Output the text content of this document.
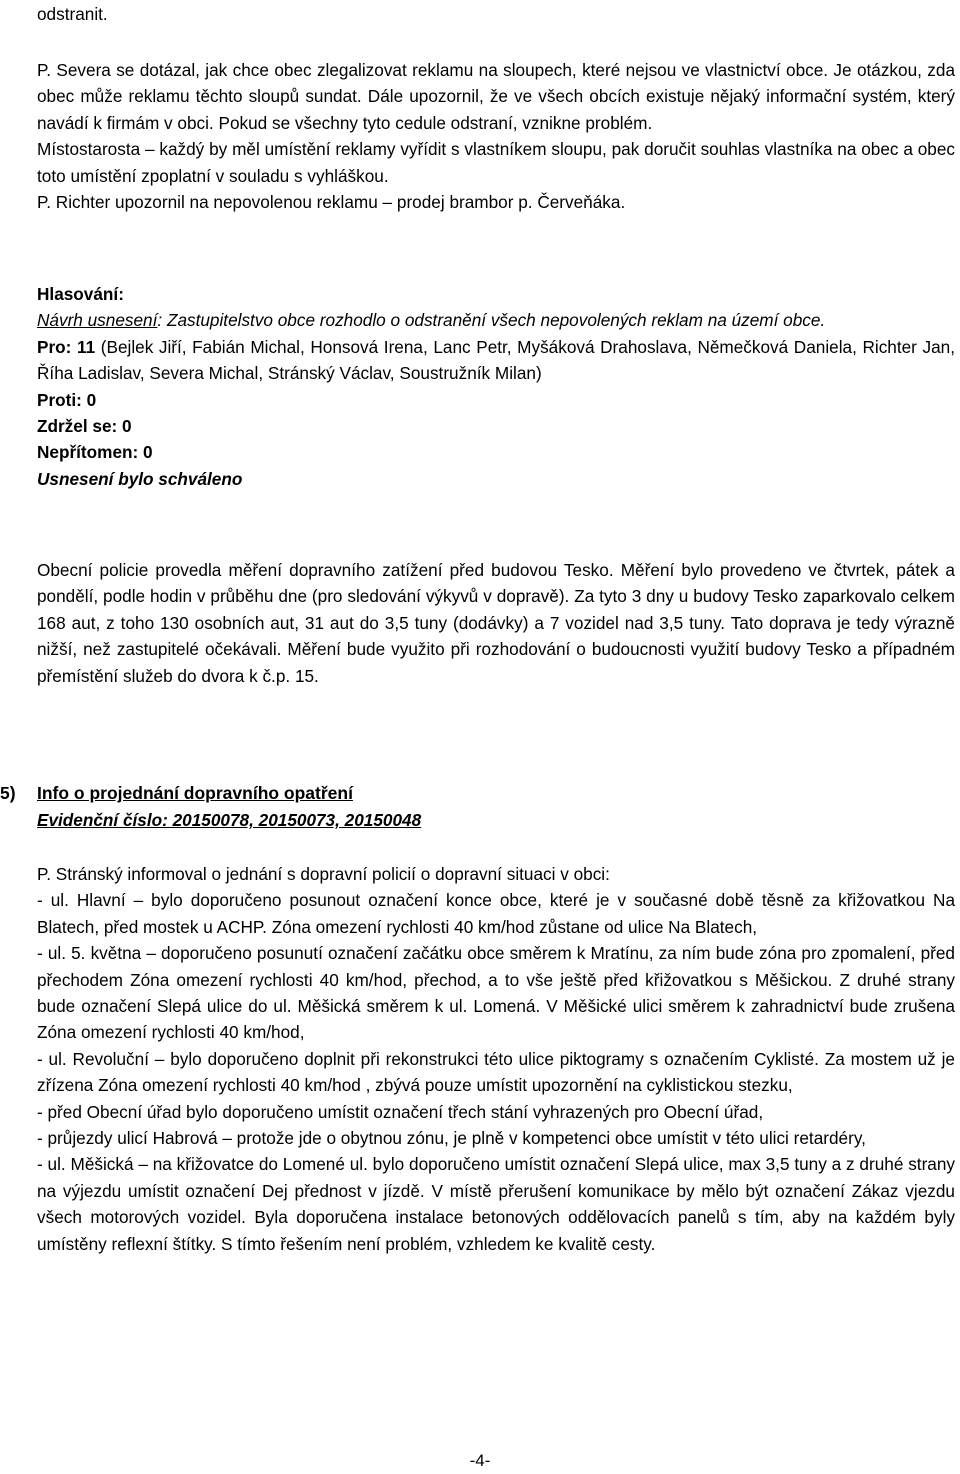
odstranit.

P. Severa se dotázal, jak chce obec zlegalizovat reklamu na sloupech, které nejsou ve vlastnictví obce. Je otázkou, zda obec může reklamu těchto sloupů sundat. Dále upozornil, že ve všech obcích existuje nějaký informační systém, který navádí k firmám v obci. Pokud se všechny tyto cedule odstraní, vznikne problém.

Místostarosta – každý by měl umístění reklamy vyřídit s vlastníkem sloupu, pak doručit souhlas vlastníka na obec a obec toto umístění zpoplatní v souladu s vyhláškou.

P. Richter upozornil na nepovolenou reklamu – prodej brambor p. Červeňáka.

Hlasování:

Návrh usnesení: Zastupitelstvo obce rozhodlo o odstranění všech nepovolených reklam na území obce.

Pro: 11 (Bejlek Jiří, Fabián Michal, Honsová Irena, Lanc Petr, Myšáková Drahoslava, Němečková Daniela, Richter Jan, Říha Ladislav, Severa Michal, Stránský Václav, Soustružník Milan)

Proti: 0

Zdržel se: 0

Nepřítomen: 0

Usnesení bylo schváleno

Obecní policie provedla měření dopravního zatížení před budovou Tesko. Měření bylo provedeno ve čtvrtek, pátek a pondělí, podle hodin v průběhu dne (pro sledování výkyvů v dopravě). Za tyto 3 dny u budovy Tesko zaparkovalo celkem 168 aut, z toho 130 osobních aut, 31 aut do 3,5 tuny (dodávky) a 7 vozidel nad 3,5 tuny. Tato doprava je tedy výrazně nižší, než zastupitelé očekávali. Měření bude využito při rozhodování o budoucnosti využití budovy Tesko a případném přemístění služeb do dvora k č.p. 15.

5) Info o projednání dopravního opatření

Evidenční číslo: 20150078, 20150073, 20150048

P. Stránský informoval o jednání s dopravní policií o dopravní situaci v obci:

- ul. Hlavní – bylo doporučeno posunout označení konce obce, které je v současné době těsně za křižovatkou Na Blatech, před mostek u ACHP. Zóna omezení rychlosti 40 km/hod zůstane od ulice Na Blatech,

- ul. 5. května – doporučeno posunutí označení začátku obce směrem k Mratínu, za ním bude zóna pro zpomalení, před přechodem Zóna omezení rychlosti 40 km/hod, přechod, a to vše ještě před křižovatkou s Měšickou. Z druhé strany bude označení Slepá ulice do ul. Měšická směrem k ul. Lomená. V Měšické ulici směrem k zahradnictví bude zrušena Zóna omezení rychlosti 40 km/hod,

- ul. Revoluční – bylo doporučeno doplnit při rekonstrukci této ulice piktogramy s označením Cyklisté. Za mostem už je zřízena Zóna omezení rychlosti 40 km/hod , zbývá pouze umístit upozornění na cyklistickou stezku,

- před Obecní úřad bylo doporučeno umístit označení třech stání vyhrazených pro Obecní úřad,

- průjezdy ulicí Habrová – protože jde o obytnou zónu, je plně v kompetenci obce umístit v této ulici retardéry,

- ul. Měšická – na křižovatce do Lomené ul. bylo doporučeno umístit označení Slepá ulice, max 3,5 tuny a z druhé strany na výjezdu umístit označení Dej přednost v jízdě. V místě přerušení komunikace by mělo být označení Zákaz vjezdu všech motorových vozidel. Byla doporučena instalace betonových oddělovacích panelů s tím, aby na každém byly umístěny reflexní štítky. S tímto řešením není problém, vzhledem ke kvalitě cesty.

-4-
